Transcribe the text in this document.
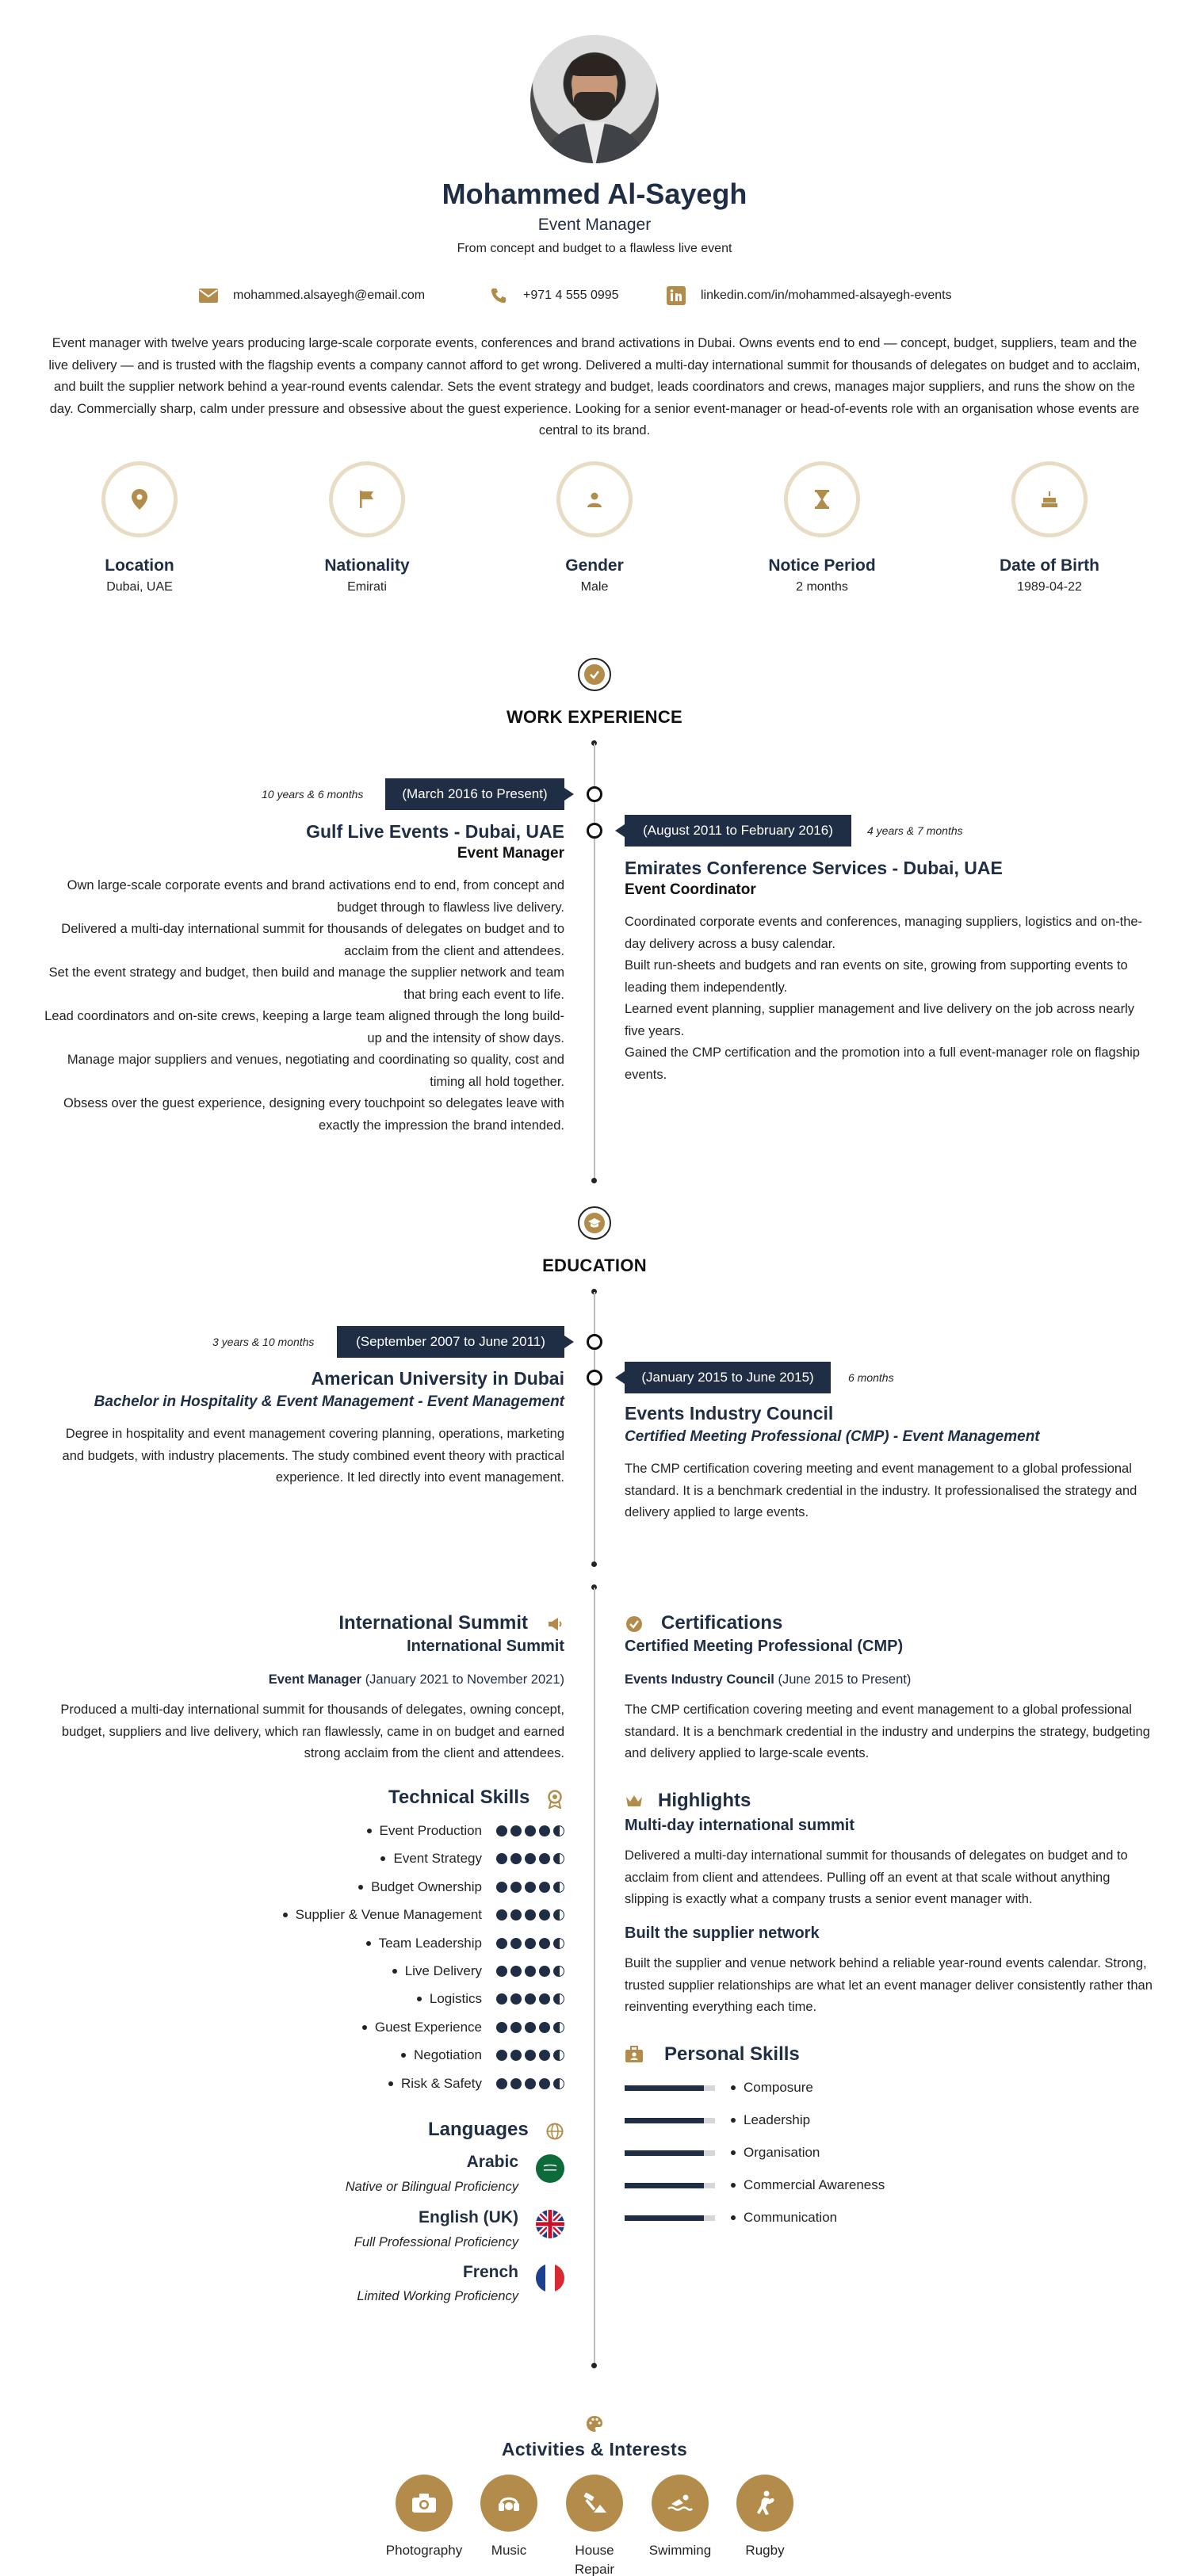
Mohammed Al-Sayegh
Event Manager
From concept and budget to a flawless live event
mohammed.alsayegh@email.com	+971 4 555 0995	linkedin.com/in/mohammed-alsayegh-events
Event manager with twelve years producing large-scale corporate events, conferences and brand activations in Dubai. Owns events end to end — concept, budget, suppliers, team and the live delivery — and is trusted with the flagship events a company cannot afford to get wrong. Delivered a multi-day international summit for thousands of delegates on budget and to acclaim, and built the supplier network behind a year-round events calendar. Sets the event strategy and budget, leads coordinators and crews, manages major suppliers, and runs the show on the day. Commercially sharp, calm under pressure and obsessive about the guest experience. Looking for a senior event-manager or head-of-events role with an organisation whose events are central to its brand.
Location
Dubai, UAE
Nationality
Emirati
Gender
Male
Notice Period
2 months
Date of Birth
1989-04-22
WORK EXPERIENCE
10 years & 6 months	(March 2016 to Present)
Gulf Live Events - Dubai, UAE
Event Manager

Own large-scale corporate events and brand activations end to end, from concept and budget through to flawless live delivery.

Delivered a multi-day international summit for thousands of delegates on budget and to acclaim from the client and attendees.

Set the event strategy and budget, then build and manage the supplier network and team that bring each event to life.

Lead coordinators and on-site crews, keeping a large team aligned through the long build-up and the intensity of show days.

Manage major suppliers and venues, negotiating and coordinating so quality, cost and timing all hold together.

Obsess over the guest experience, designing every touchpoint so delegates leave with exactly the impression the brand intended.

(August 2011 to February 2016)	4 years & 7 months
Emirates Conference Services - Dubai, UAE
Event Coordinator

Coordinated corporate events and conferences, managing suppliers, logistics and on-the-day delivery across a busy calendar.

Built run-sheets and budgets and ran events on site, growing from supporting events to leading them independently.

Learned event planning, supplier management and live delivery on the job across nearly five years.

Gained the CMP certification and the promotion into a full event-manager role on flagship events.

EDUCATION
3 years & 10 months	(September 2007 to June 2011)
American University in Dubai
Bachelor in Hospitality & Event Management - Event Management
Degree in hospitality and event management covering planning, operations, marketing and budgets, with industry placements. The study combined event theory with practical experience. It led directly into event management.
(January 2015 to June 2015)	6 months
Events Industry Council
Certified Meeting Professional (CMP) - Event Management
The CMP certification covering meeting and event management to a global professional standard. It is a benchmark credential in the industry. It professionalised the strategy and delivery applied to large events.
International Summit
International Summit
Event Manager (January 2021 to November 2021)
Produced a multi-day international summit for thousands of delegates, owning concept, budget, suppliers and live delivery, which ran flawlessly, came in on budget and earned strong acclaim from the client and attendees.
Technical Skills
Event Production
Event Strategy
Budget Ownership
Supplier & Venue Management
Team Leadership
Live Delivery
Logistics
Guest Experience
Negotiation
Risk & Safety
Languages
Arabic
Native or Bilingual Proficiency
English (UK)
Full Professional Proficiency
French
Limited Working Proficiency
Certifications
Certified Meeting Professional (CMP)
Events Industry Council (June 2015 to Present)
The CMP certification covering meeting and event management to a global professional standard. It is a benchmark credential in the industry and underpins the strategy, budgeting and delivery applied to large-scale events.
Highlights
Multi-day international summit
Delivered a multi-day international summit for thousands of delegates on budget and to acclaim from client and attendees. Pulling off an event at that scale without anything slipping is exactly what a company trusts a senior event manager with.
Built the supplier network
Built the supplier and venue network behind a reliable year-round events calendar. Strong, trusted supplier relationships are what let an event manager deliver consistently rather than reinventing everything each time.
Personal Skills
Composure
Leadership
Organisation
Commercial Awareness
Communication
Activities & Interests
Photography	Music	House Repair
Swimming	Rugby
